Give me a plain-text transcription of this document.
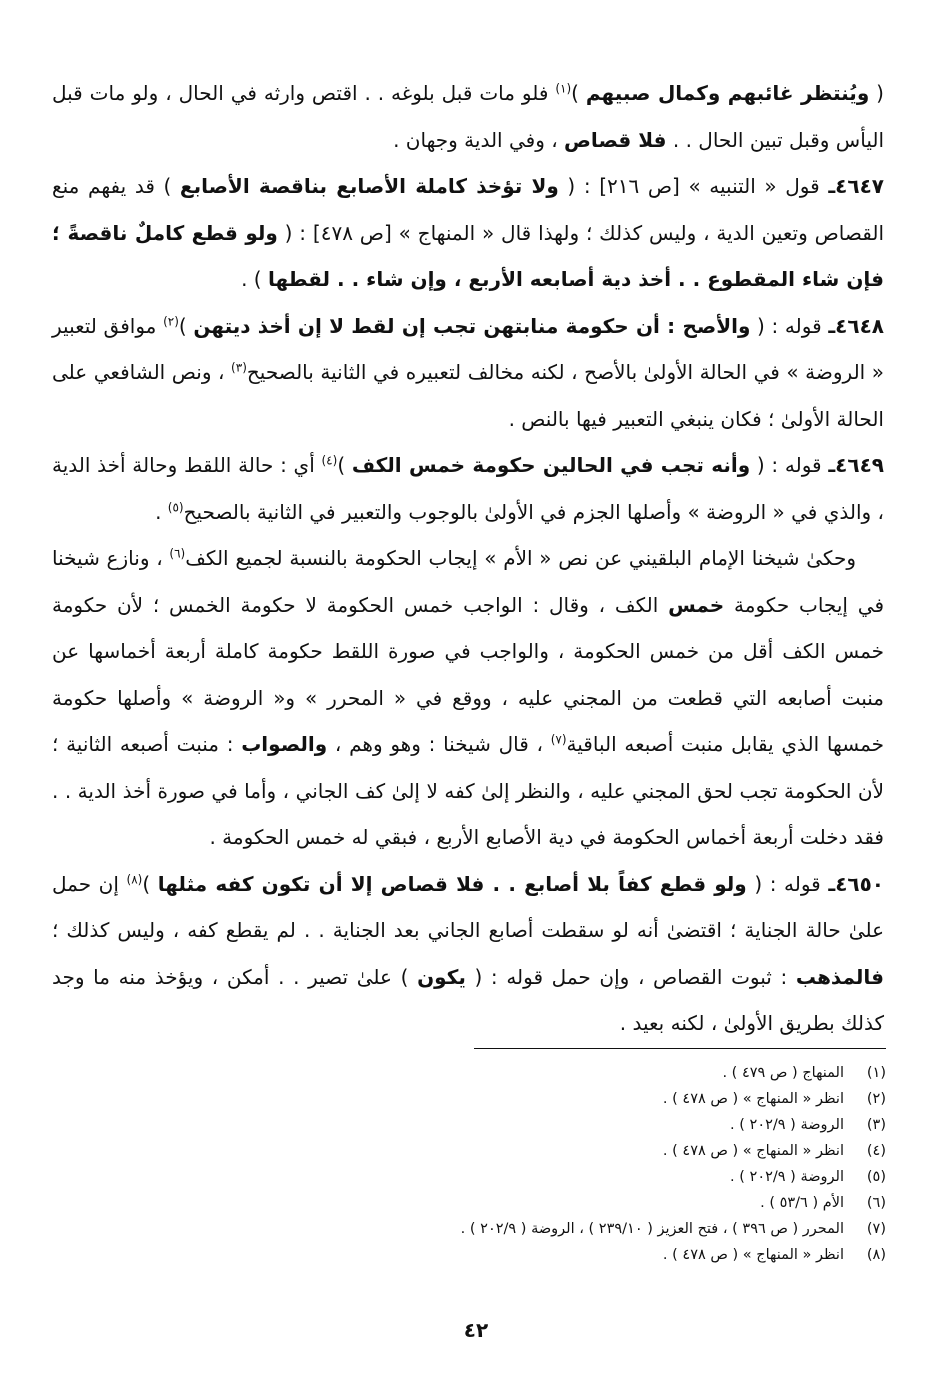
( ويُنتظر غائبهم وكمال صبيهم )$^{(١)}$ فلو مات قبل بلوغه . . اقتص وارثه في الحال ، ولو مات قبل اليأس وقبل تبين الحال . . فلا قصاص ، وفي الدية وجهان .

٤٦٤٧ـ قول « التنبيه » [ص ٢١٦] : ( ولا تؤخذ كاملة الأصابع بناقصة الأصابع ) قد يفهم منع القصاص وتعين الدية ، وليس كذلك ؛ ولهذا قال « المنهاج » [ص ٤٧٨] : ( ولو قطع كاملٌ ناقصةً ؛ فإن شاء المقطوع . . أخذ دية أصابعه الأربع ، وإن شاء . . لقطها ) .

٤٦٤٨ـ قوله : ( والأصح : أن حكومة منابتهن تجب إن لقط لا إن أخذ ديتهن )$^{(٢)}$ موافق لتعبير « الروضة » في الحالة الأولىٰ بالأصح ، لكنه مخالف لتعبيره في الثانية بالصحيح$^{(٣)}$ ، ونص الشافعي على الحالة الأولىٰ ؛ فكان ينبغي التعبير فيها بالنص .

٤٦٤٩ـ قوله : ( وأنه تجب في الحالين حكومة خمس الكف )$^{(٤)}$ أي : حالة اللقط وحالة أخذ الدية ، والذي في « الروضة » وأصلها الجزم في الأولىٰ بالوجوب والتعبير في الثانية بالصحيح$^{(٥)}$ .

وحكىٰ شيخنا الإمام البلقيني عن نص « الأم » إيجاب الحكومة بالنسبة لجميع الكف$^{(٦)}$ ، ونازع شيخنا في إيجاب حكومة خمس الكف ، وقال : الواجب خمس الحكومة لا حكومة الخمس ؛ لأن حكومة خمس الكف أقل من خمس الحكومة ، والواجب في صورة اللقط حكومة كاملة أربعة أخماسها عن منبت أصابعه التي قطعت من المجني عليه ، ووقع في « المحرر » و« الروضة » وأصلها حكومة خمسها الذي يقابل منبت أصبعه الباقية$^{(٧)}$ ، قال شيخنا : وهو وهم ، والصواب : منبت أصبعه الثانية ؛ لأن الحكومة تجب لحق المجني عليه ، والنظر إلىٰ كفه لا إلىٰ كف الجاني ، وأما في صورة أخذ الدية . . فقد دخلت أربعة أخماس الحكومة في دية الأصابع الأربع ، فبقي له خمس الحكومة .

٤٦٥٠ـ قوله : ( ولو قطع كفاً بلا أصابع . . فلا قصاص إلا أن تكون كفه مثلها )$^{(٨)}$ إن حمل علىٰ حالة الجناية ؛ اقتضىٰ أنه لو سقطت أصابع الجاني بعد الجناية . . لم يقطع كفه ، وليس كذلك ؛ فالمذهب : ثبوت القصاص ، وإن حمل قوله : ( يكون ) علىٰ تصير . . أمكن ، ويؤخذ منه ما وجد كذلك بطريق الأولىٰ ، لكنه بعيد .

(١)
المنهاج ( ص ٤٧٩ ) .
(٢)
انظر « المنهاج » ( ص ٤٧٨ ) .
(٣)
الروضة ( ٢٠٢/٩ ) .
(٤)
انظر « المنهاج » ( ص ٤٧٨ ) .
(٥)
الروضة ( ٢٠٢/٩ ) .
(٦)
الأم ( ٥٣/٦ ) .
(٧)
المحرر ( ص ٣٩٦ ) ، فتح العزيز ( ٢٣٩/١٠ ) ، الروضة ( ٢٠٢/٩ ) .
(٨)
انظر « المنهاج » ( ص ٤٧٨ ) .
٤٢
